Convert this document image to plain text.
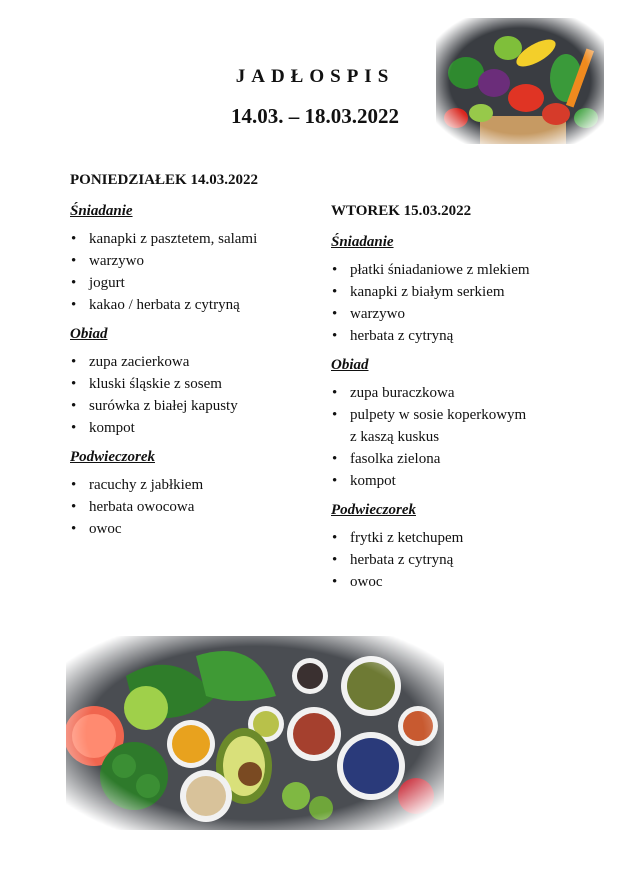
JADŁOSPIS
14.03. – 18.03.2022

PONIEDZIAŁEK 14.03.2022

Śniadanie

• kanapki z pasztetem, salami
• warzywo
• jogurt
• kakao / herbata z cytryną

Obiad

• zupa zacierkowa
• kluski śląskie z sosem
• surówka z białej kapusty
• kompot

Podwieczorek

• racuchy z jabłkiem
• herbata owocowa
• owoc

WTOREK 15.03.2022

Śniadanie

• płatki śniadaniowe z mlekiem
• kanapki z białym serkiem
• warzywo
• herbata z cytryną

Obiad

• zupa buraczkowa
• pulpety w sosie koperkowym
z kaszą kuskus
• fasolka zielona
• kompot

Podwieczorek

• frytki z ketchupem
• herbata z cytryną
• owoc
